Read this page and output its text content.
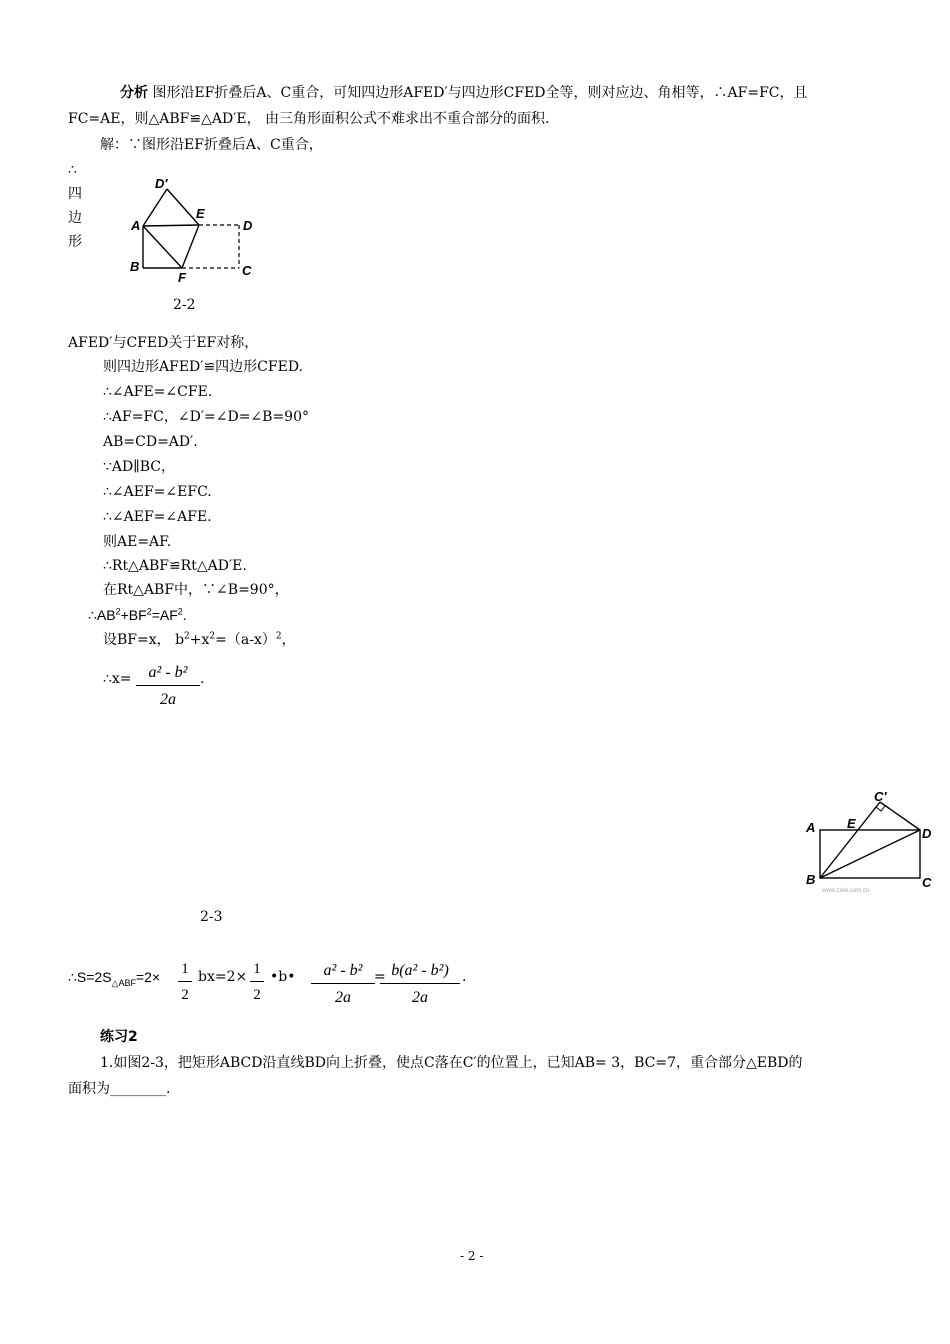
分析 图形沿EF折叠后A、C重合，可知四边形AFED′与四边形CFED全等，则对应边、角相等，∴AF=FC，且
FC=AE，则△ABF≌△AD′E， 由三角形面积公式不难求出不重合部分的面积.
解：∵图形沿EF折叠后A、C重合，
∴
四
边
形
D′
E
D
A
B
F	C
2-2
AFED′与CFED关于EF对称，
则四边形AFED′≌四边形CFED.
∴∠AFE=∠CFE.
∴AF=FC，∠D′=∠D=∠B=90°
AB=CD=AD′.
∵AD∥BC，
∴∠AEF=∠EFC.
∴∠AEF=∠AFE.
则AE=AF.
∴Rt△ABF≌Rt△AD′E.
在Rt△ABF中，∵∠B=90°，
$\therefore AB^2+BF^2=AF^2$.
设BF=x， $b^2+x^2=(a-x)^2$，
∴x= $\frac{\text{a² - b²}}{2a}$ .
C′
A E
D
B	C
www.zxxk.com.cn
2-3
$\therefore S=2S_{\triangle ABF}=2\times \frac{1}{2} bx=2\times \frac{1}{2}$ •b• $\frac{\text{a² - b²}}{2a}$ =
$\frac{\text{b(a² - b²)}}{2a}$ .
练习2
1.如图2-3，把矩形ABCD沿直线BD向上折叠，使点C落在C′的位置上，已知AB= 3，BC=7，重合部分△EBD的
面积为________.
- 2 -
